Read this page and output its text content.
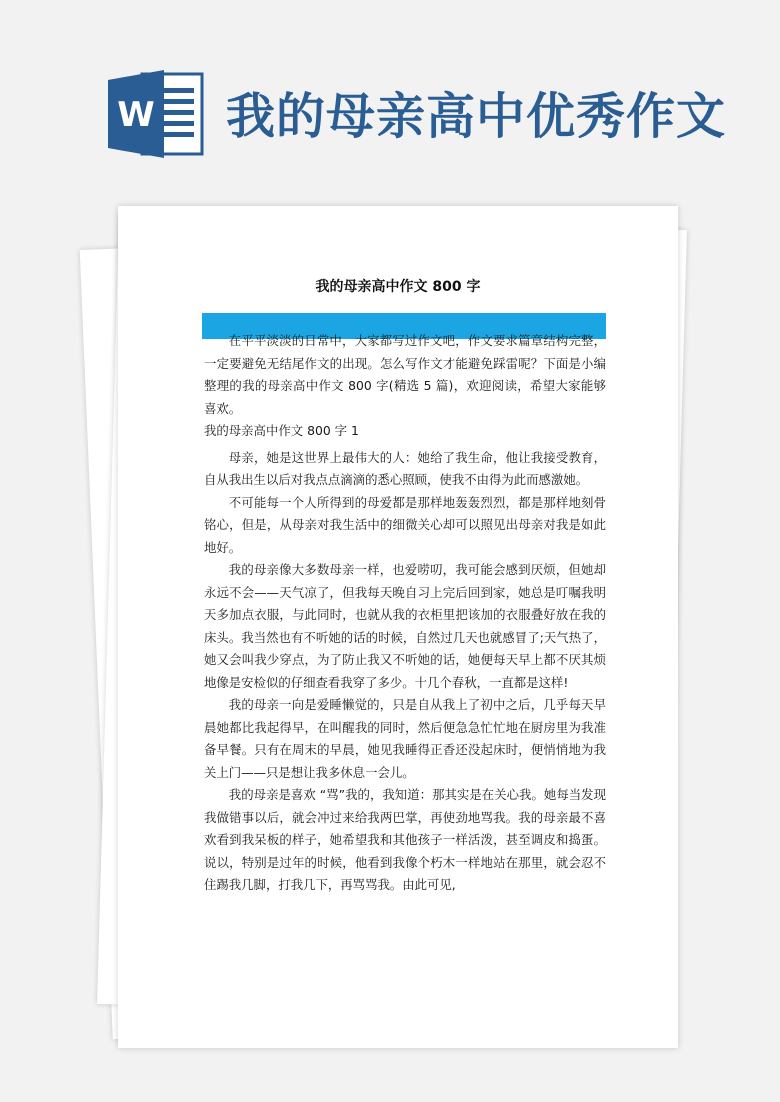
W 我的母亲高中优秀作文
我的母亲高中作文 800 字

在平平淡淡的日常中，大家都写过作文吧，作文要求篇章结构完整，一定要避免无结尾作文的出现。怎么写作文才能避免踩雷呢？下面是小编整理的我的母亲高中作文 800 字(精选 5 篇)，欢迎阅读，希望大家能够喜欢。

我的母亲高中作文 800 字 1

母亲，她是这世界上最伟大的人：她给了我生命，他让我接受教育，自从我出生以后对我点点滴滴的悉心照顾，使我不由得为此而感激她。

不可能每一个人所得到的母爱都是那样地轰轰烈烈，都是那样地刻骨铭心，但是，从母亲对我生活中的细微关心却可以照见出母亲对我是如此地好。

我的母亲像大多数母亲一样，也爱唠叨，我可能会感到厌烦，但她却永远不会——天气凉了，但我每天晚自习上完后回到家，她总是叮嘱我明天多加点衣服，与此同时，也就从我的衣柜里把该加的衣服叠好放在我的床头。我当然也有不听她的话的时候，自然过几天也就感冒了;天气热了，她又会叫我少穿点，为了防止我又不听她的话，她便每天早上都不厌其烦地像是安检似的仔细查看我穿了多少。十几个春秋，一直都是这样!

我的母亲一向是爱睡懒觉的，只是自从我上了初中之后，几乎每天早晨她都比我起得早，在叫醒我的同时，然后便急急忙忙地在厨房里为我准备早餐。只有在周末的早晨，她见我睡得正香还没起床时，便悄悄地为我关上门——只是想让我多休息一会儿。

我的母亲是喜欢 “骂”我的，我知道：那其实是在关心我。她每当发现我做错事以后，就会冲过来给我两巴掌，再使劲地骂我。我的母亲最不喜欢看到我呆板的样子，她希望我和其他孩子一样活泼，甚至调皮和捣蛋。说以，特别是过年的时候，他看到我像个朽木一样地站在那里，就会忍不住踢我几脚，打我几下，再骂骂我。由此可见,
